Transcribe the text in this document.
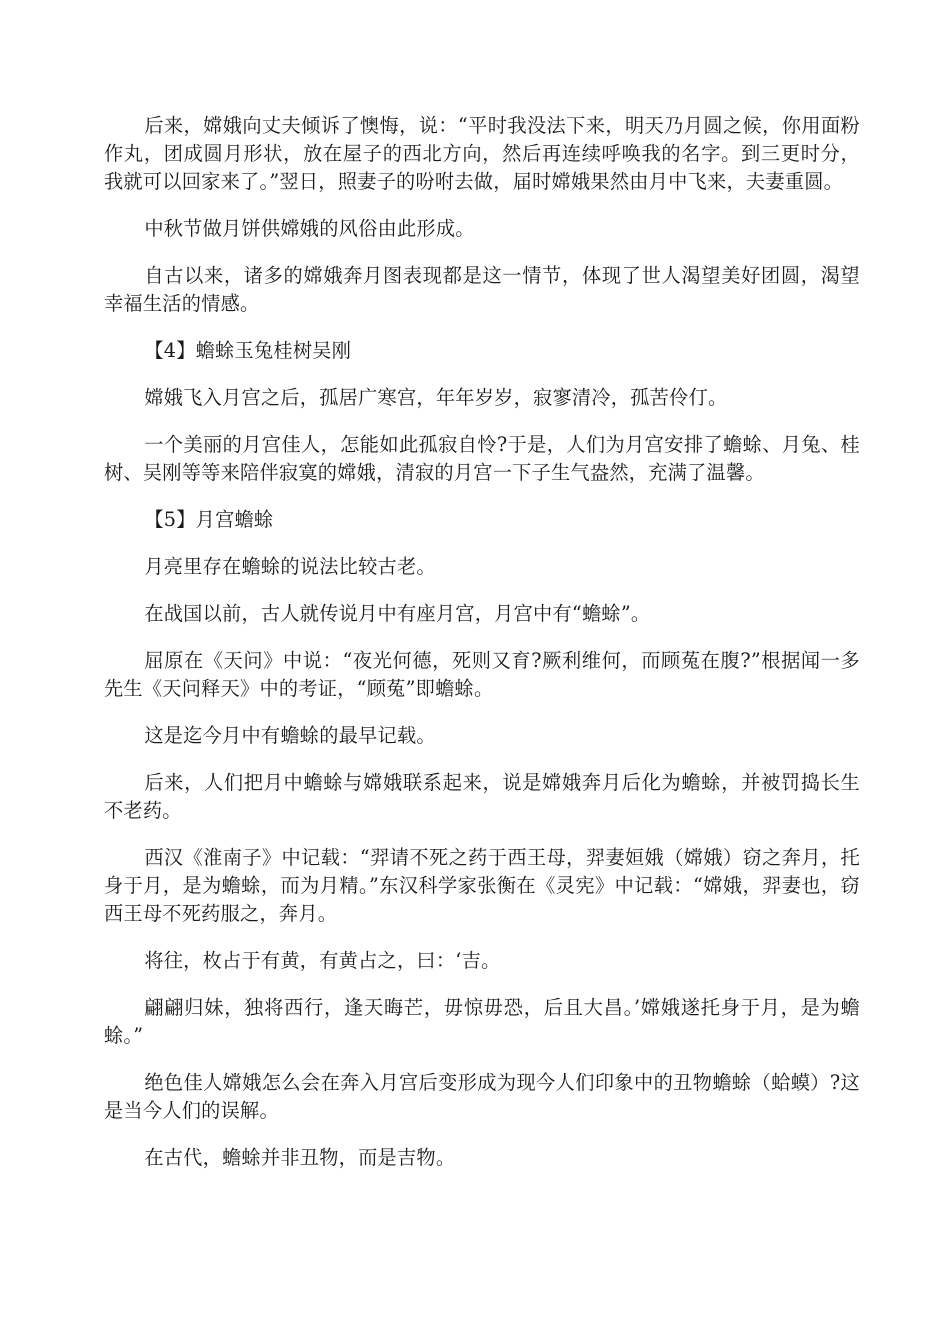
后来，嫦娥向丈夫倾诉了懊悔，说：“平时我没法下来，明天乃月圆之候，你用面粉作丸，团成圆月形状，放在屋子的西北方向，然后再连续呼唤我的名字。到三更时分，我就可以回家来了。”翌日，照妻子的吩咐去做，届时嫦娥果然由月中飞来，夫妻重圆。

中秋节做月饼供嫦娥的风俗由此形成。

自古以来，诸多的嫦娥奔月图表现都是这一情节，体现了世人渴望美好团圆，渴望幸福生活的情感。

【4】蟾蜍玉兔桂树吴刚

嫦娥飞入月宫之后，孤居广寒宫，年年岁岁，寂寥清冷，孤苦伶仃。

一个美丽的月宫佳人，怎能如此孤寂自怜?于是，人们为月宫安排了蟾蜍、月兔、桂树、吴刚等等来陪伴寂寞的嫦娥，清寂的月宫一下子生气盎然，充满了温馨。

【5】月宫蟾蜍

月亮里存在蟾蜍的说法比较古老。

在战国以前，古人就传说月中有座月宫，月宫中有“蟾蜍”。

屈原在《天问》中说：“夜光何德，死则又育?厥利维何，而顾菟在腹?”根据闻一多先生《天问释天》中的考证，“顾菟”即蟾蜍。

这是迄今月中有蟾蜍的最早记载。

后来，人们把月中蟾蜍与嫦娥联系起来，说是嫦娥奔月后化为蟾蜍，并被罚捣长生不老药。

西汉《淮南子》中记载：“羿请不死之药于西王母，羿妻姮娥（嫦娥）窃之奔月，托身于月，是为蟾蜍，而为月精。”东汉科学家张衡在《灵宪》中记载：“嫦娥，羿妻也，窃西王母不死药服之，奔月。

将往，枚占于有黄，有黄占之，曰：‘吉。

翩翩归妹，独将西行，逢天晦芒，毋惊毋恐，后且大昌。’嫦娥遂托身于月，是为蟾蜍。”

绝色佳人嫦娥怎么会在奔入月宫后变形成为现今人们印象中的丑物蟾蜍（蛤蟆）?这是当今人们的误解。

在古代，蟾蜍并非丑物，而是吉物。
